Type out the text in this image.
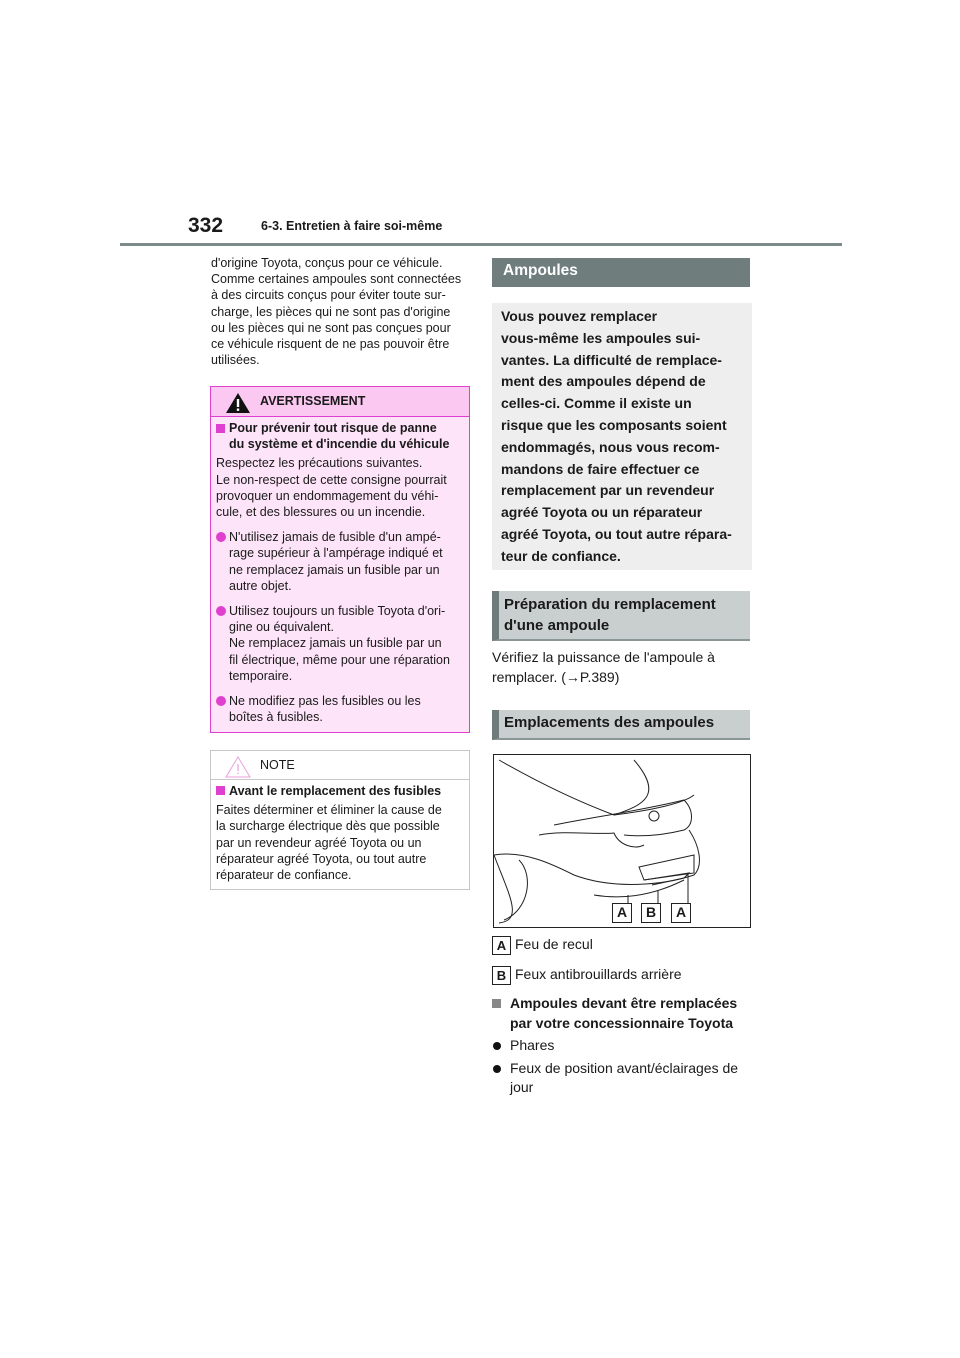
332	6-3. Entretien à faire soi-même
d'origine Toyota, conçus pour ce véhicule.
Comme certaines ampoules sont connectées
à des circuits conçus pour éviter toute sur-
charge, les pièces qui ne sont pas d'origine
ou les pièces qui ne sont pas conçues pour
ce véhicule risquent de ne pas pouvoir être
utilisées.
AVERTISSEMENT
Pour prévenir tout risque de panne
du système et d'incendie du véhicule
Respectez les précautions suivantes.
Le non-respect de cette consigne pourrait
provoquer un endommagement du véhi-
cule, et des blessures ou un incendie.
N'utilisez jamais de fusible d'un ampé-
rage supérieur à l'ampérage indiqué et
ne remplacez jamais un fusible par un
autre objet.
Utilisez toujours un fusible Toyota d'ori-
gine ou équivalent.
Ne remplacez jamais un fusible par un
fil électrique, même pour une réparation
temporaire.
Ne modifiez pas les fusibles ou les
boîtes à fusibles.
NOTE
Avant le remplacement des fusibles
Faites déterminer et éliminer la cause de
la surcharge électrique dès que possible
par un revendeur agréé Toyota ou un
réparateur agréé Toyota, ou tout autre
réparateur de confiance.
Ampoules
Vous pouvez remplacer
vous-même les ampoules sui-
vantes. La difficulté de remplace-
ment des ampoules dépend de
celles-ci. Comme il existe un
risque que les composants soient
endommagés, nous vous recom-
mandons de faire effectuer ce
remplacement par un revendeur
agréé Toyota ou un réparateur
agréé Toyota, ou tout autre répara-
teur de confiance.
Préparation du remplacement
d'une ampoule
Vérifiez la puissance de l'ampoule à
remplacer. (→P.389)
Emplacements des ampoules
A	B	A
A Feu de recul
B Feux antibrouillards arrière
Ampoules devant être remplacées
par votre concessionnaire Toyota
Phares
Feux de position avant/éclairages de
jour
